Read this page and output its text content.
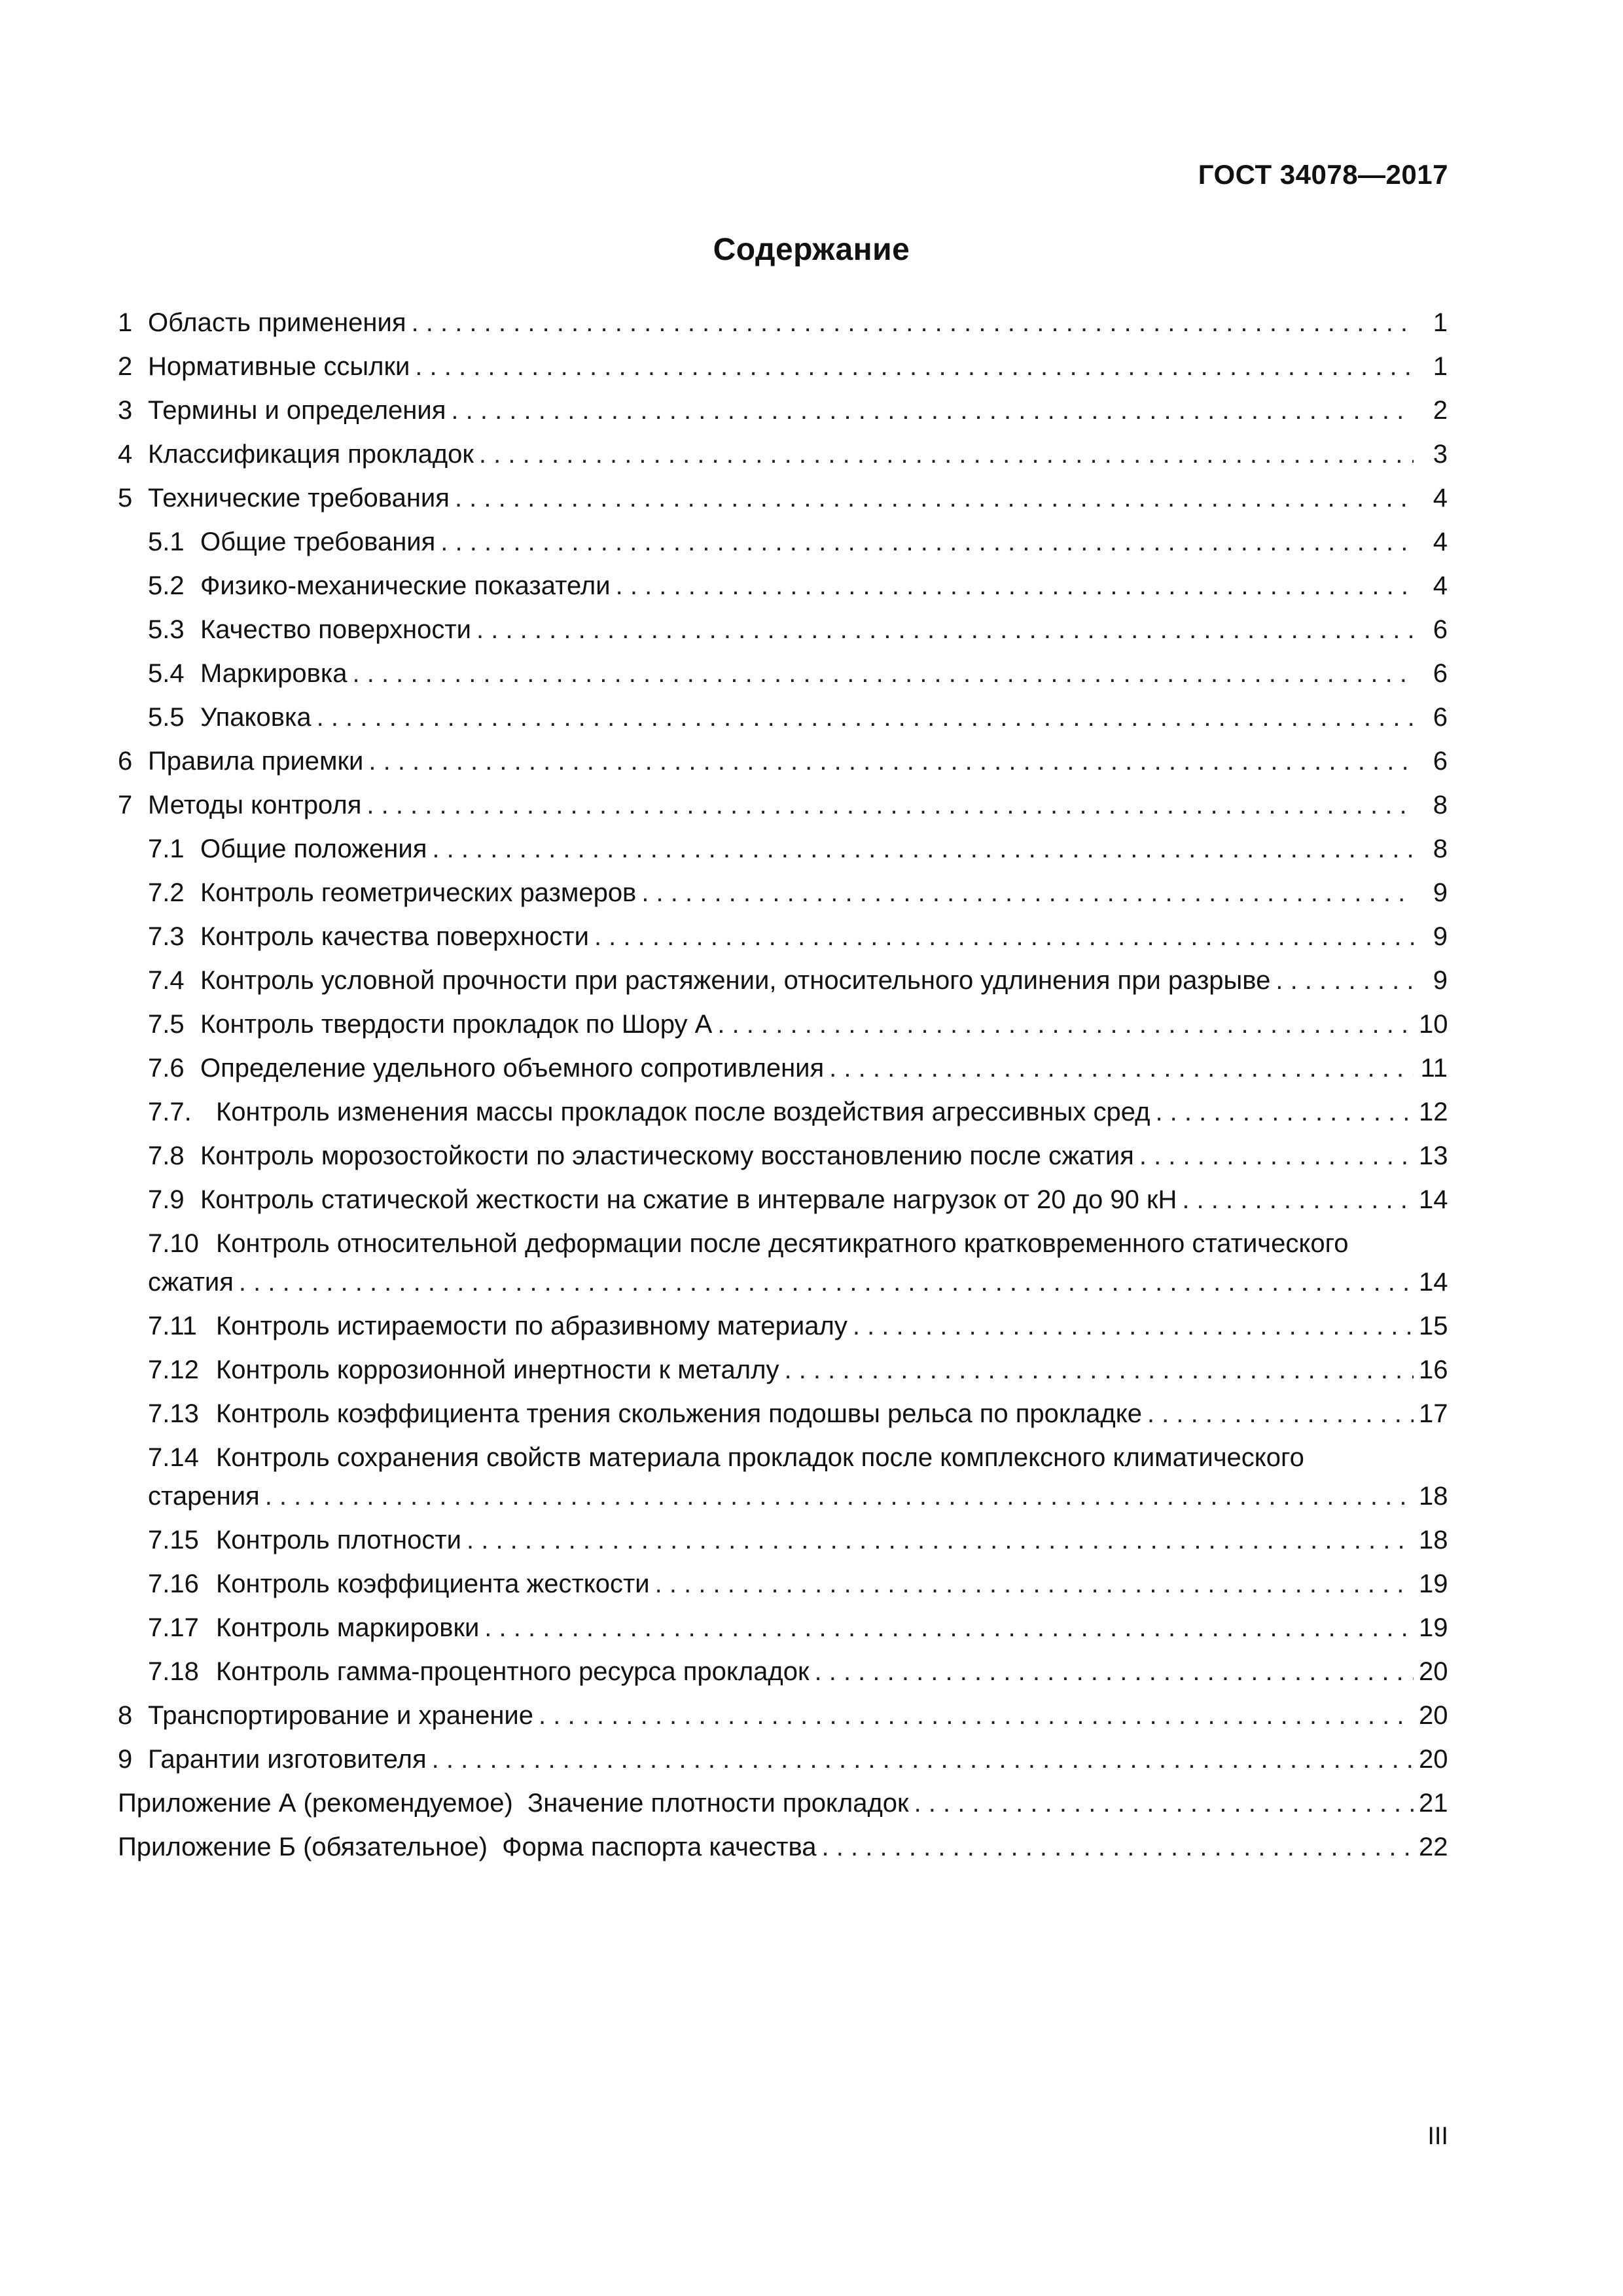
ГОСТ 34078—2017
Содержание
1 Область применения . . .	1
2 Нормативные ссылки . . .	1
3 Термины и определения . . .	2
4 Классификация прокладок . . .	3
5 Технические требования . . .	4
5.1 Общие требования . . .	4
5.2 Физико-механические показатели . . .	4
5.3 Качество поверхности . . .	6
5.4 Маркировка . . .	6
5.5 Упаковка . . .	6
6 Правила приемки . . .	6
7 Методы контроля . . .	8
7.1 Общие положения . . .	8
7.2 Контроль геометрических размеров . . .	9
7.3 Контроль качества поверхности . . .	9
7.4 Контроль условной прочности при растяжении, относительного удлинения при разрыве . . .	9
7.5 Контроль твердости прокладок по Шору А . . .	10
7.6 Определение удельного объемного сопротивления . . .	11
7.7. Контроль изменения массы прокладок после воздействия агрессивных сред . . .	12
7.8 Контроль морозостойкости по эластическому восстановлению после сжатия . . .	13
7.9 Контроль статической жесткости на сжатие в интервале нагрузок от 20 до 90 кН . . .	14
7.10 Контроль относительной деформации после десятикратного кратковременного статического
сжатия . . .	14
7.11 Контроль истираемости по абразивному материалу . . .	15
7.12 Контроль коррозионной инертности к металлу . . .	16
7.13 Контроль коэффициента трения скольжения подошвы рельса по прокладке . . .	17
7.14 Контроль сохранения свойств материала прокладок после комплексного климатического
старения . . .	18
7.15 Контроль плотности . . .	18
7.16 Контроль коэффициента жесткости . . .	19
7.17 Контроль маркировки . . .	19
7.18 Контроль гамма-процентного ресурса прокладок . . .	20
8 Транспортирование и хранение . . .	20
9 Гарантии изготовителя . . .	20
Приложение А (рекомендуемое)  Значение плотности прокладок . . .	21
Приложение Б (обязательное)  Форма паспорта качества . . .	22
III
